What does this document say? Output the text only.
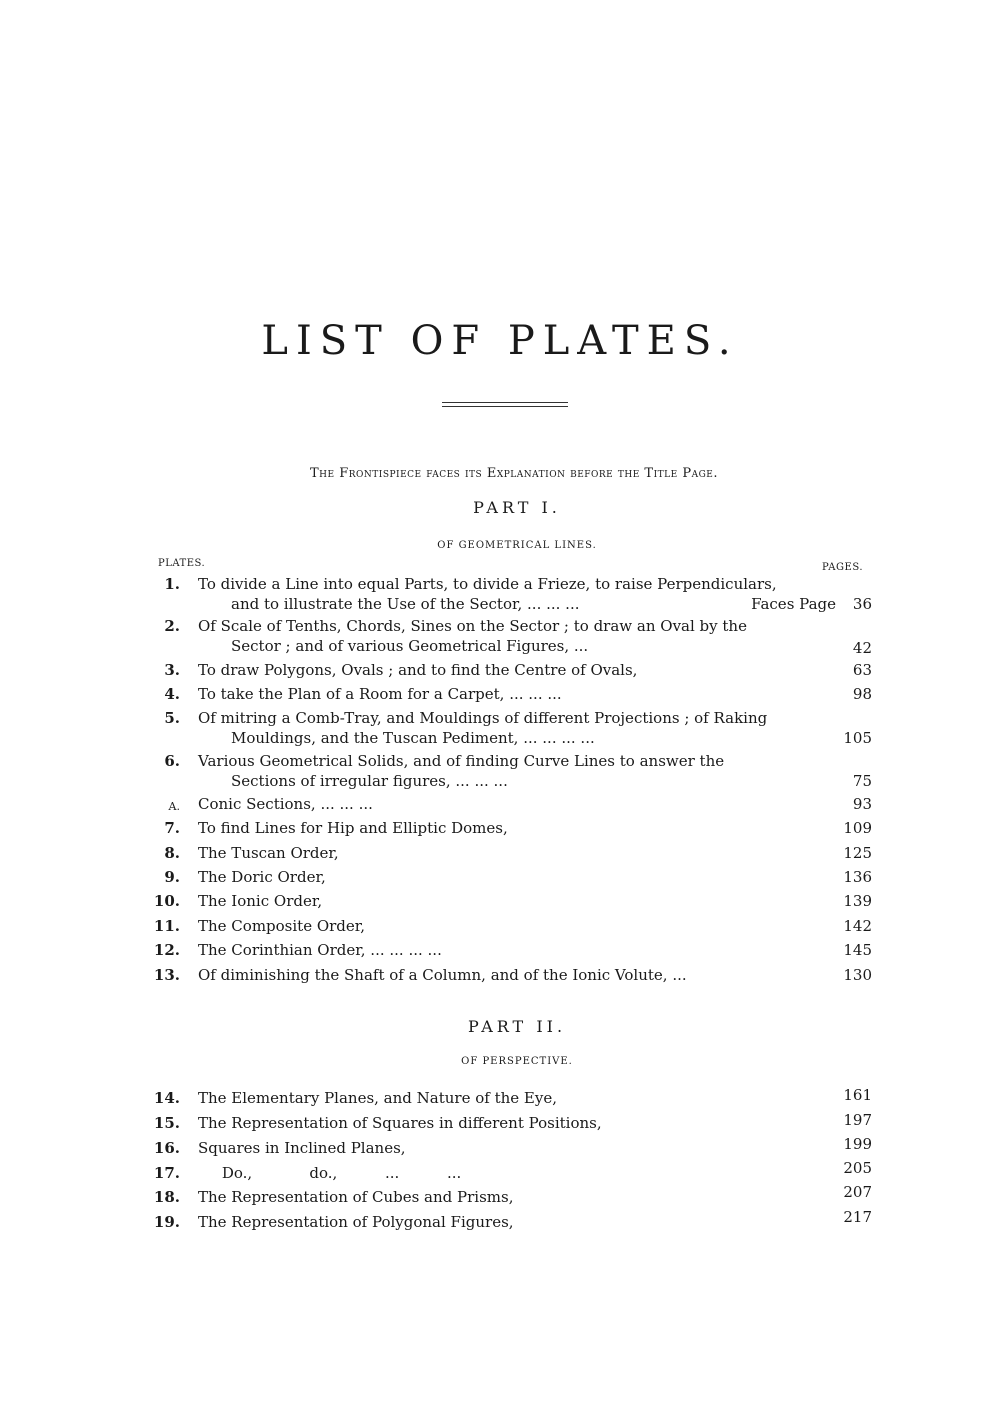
LIST OF PLATES.
The Frontispiece faces its Explanation before the Title Page.
PART I.
OF GEOMETRICAL LINES.
PLATES.	PAGES.
1. To divide a Line into equal Parts, to divide a Frieze, to raise Perpendiculars,
and to illustrate the Use of the Sector, ... ... ...	Faces Page	36
2. Of Scale of Tenths, Chords, Sines on the Sector ; to draw an Oval by the
Sector ; and of various Geometrical Figures, ...	42
3. To draw Polygons, Ovals ; and to find the Centre of Ovals,	63
4. To take the Plan of a Room for a Carpet, ... ... ...	98
5. Of mitring a Comb-Tray, and Mouldings of different Projections ; of Raking
Mouldings, and the Tuscan Pediment, ... ... ... ...	105
6. Various Geometrical Solids, and of finding Curve Lines to answer the
Sections of irregular figures, ... ... ...	75
A. Conic Sections, ... ... ...	93
7. To find Lines for Hip and Elliptic Domes,	109
8. The Tuscan Order,	125
9. The Doric Order,	136
10. The Ionic Order,	139
11. The Composite Order,	142
12. The Corinthian Order, ... ... ... ...	145
13. Of diminishing the Shaft of a Column, and of the Ionic Volute, ...	130
PART II.
OF PERSPECTIVE.
14. The Elementary Planes, and Nature of the Eye,	161
15. The Representation of Squares in different Positions,	197
16. Squares in Inclined Planes,	199
17. Do.,            do.,          ...          ...	205
18. The Representation of Cubes and Prisms,	207
19. The Representation of Polygonal Figures,	217
